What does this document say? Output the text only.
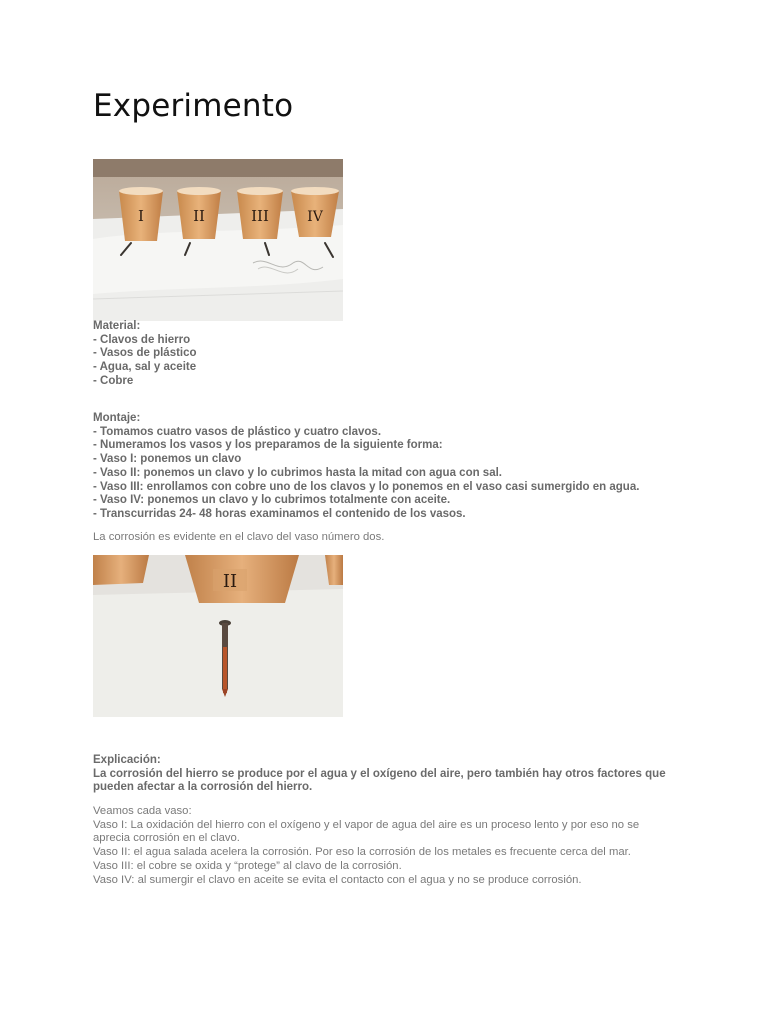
Experimento
I	II	III	IV
Material:
- Clavos de hierro
- Vasos de plástico
- Agua, sal y aceite
- Cobre
Montaje:
- Tomamos cuatro vasos de plástico y cuatro clavos.
- Numeramos los vasos y los preparamos de la siguiente forma:
- Vaso I: ponemos un clavo
- Vaso II: ponemos un clavo y lo cubrimos hasta la mitad con agua con sal.
- Vaso III: enrollamos con cobre uno de los clavos y lo ponemos en el vaso casi sumergido en agua.
- Vaso IV: ponemos un clavo y lo cubrimos totalmente con aceite.
- Transcurridas 24- 48 horas examinamos el contenido de los vasos.
La corrosión es evidente en el clavo del vaso número dos.
II
Explicación:
La corrosión del hierro se produce por el agua y el oxígeno del aire, pero también hay otros factores que pueden afectar a la corrosión del hierro.
Veamos cada vaso:
Vaso I: La oxidación del hierro con el oxígeno y el vapor de agua del aire es un proceso lento y por eso no se aprecia corrosión en el clavo.
Vaso II: el agua salada acelera la corrosión. Por eso la corrosión de los metales es frecuente cerca del mar.
Vaso III: el cobre se oxida y “protege” al clavo de la corrosión.
Vaso IV: al sumergir el clavo en aceite se evita el contacto con el agua y no se produce corrosión.
